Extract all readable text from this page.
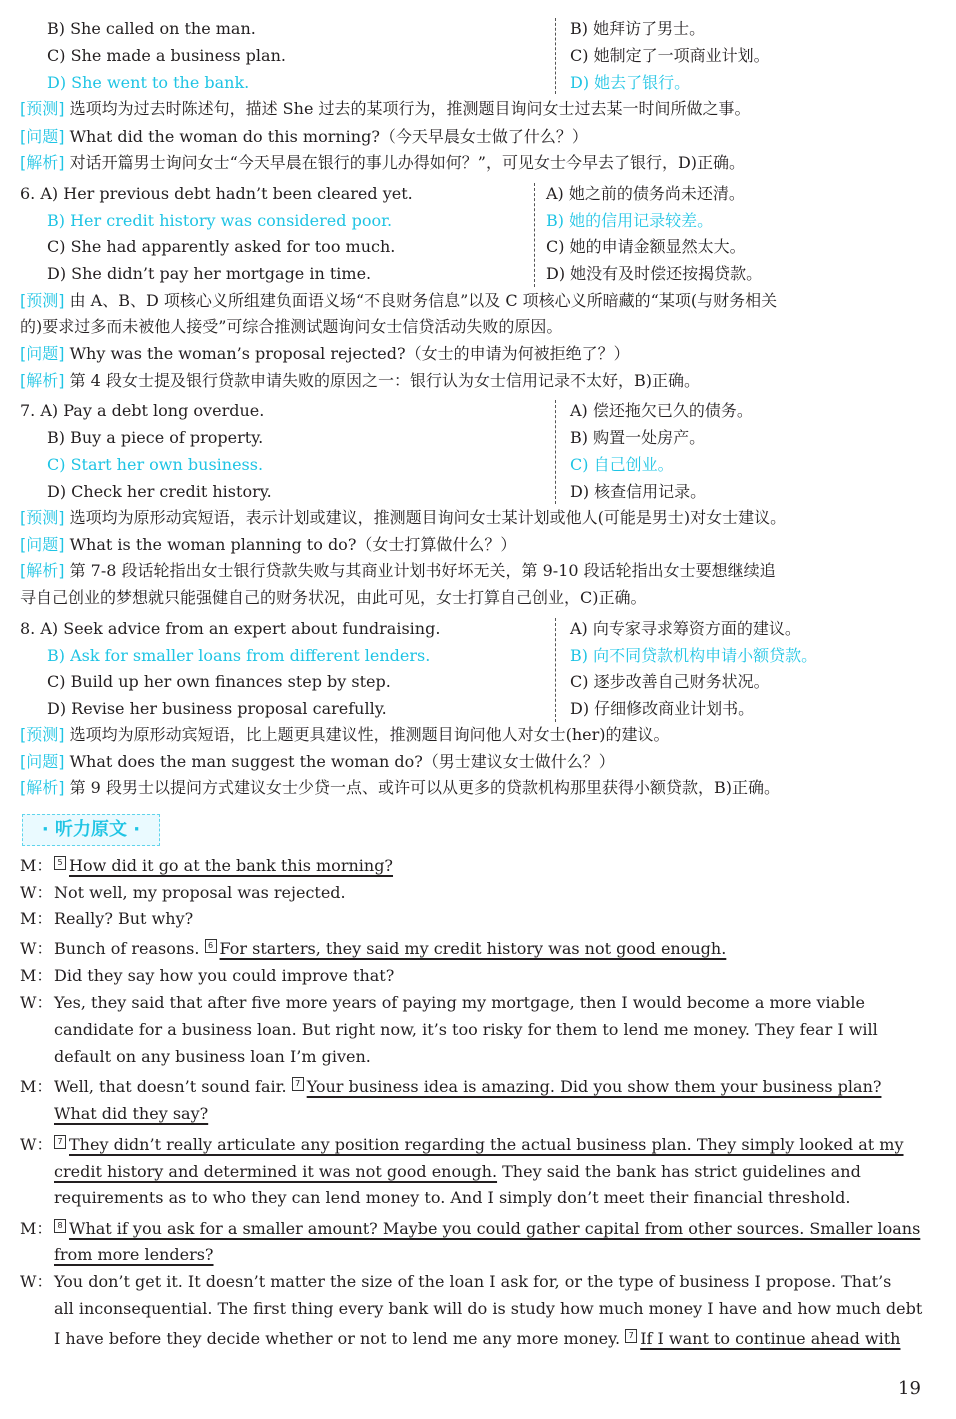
B) She called on the man.
C) She made a business plan.
D) She went to the bank.
B) 她拜访了男士。
C) 她制定了一项商业计划。
D) 她去了银行。
[预测] 选项均为过去时陈述句，描述 She 过去的某项行为，推测题目询问女士过去某一时间所做之事。
[问题] What did the woman do this morning?（今天早晨女士做了什么？）
[解析] 对话开篇男士询问女士“今天早晨在银行的事儿办得如何？”，可见女士今早去了银行，D)正确。
6. A) Her previous debt hadn’t been cleared yet.
B) Her credit history was considered poor.
C) She had apparently asked for too much.
D) She didn’t pay her mortgage in time.
A) 她之前的债务尚未还清。
B) 她的信用记录较差。
C) 她的申请金额显然太大。
D) 她没有及时偿还按揭贷款。
[预测] 由 A、B、D 项核心义所组建负面语义场“不良财务信息”以及 C 项核心义所暗藏的“某项(与财务相关
的)要求过多而未被他人接受”可综合推测试题询问女士信贷活动失败的原因。
[问题] Why was the woman’s proposal rejected?（女士的申请为何被拒绝了？）
[解析] 第 4 段女士提及银行贷款申请失败的原因之一：银行认为女士信用记录不太好，B)正确。
7. A) Pay a debt long overdue.
B) Buy a piece of property.
C) Start her own business.
D) Check her credit history.
A) 偿还拖欠已久的债务。
B) 购置一处房产。
C) 自己创业。
D) 核查信用记录。
[预测] 选项均为原形动宾短语，表示计划或建议，推测题目询问女士某计划或他人(可能是男士)对女士建议。
[问题] What is the woman planning to do?（女士打算做什么？）
[解析] 第 7-8 段话轮指出女士银行贷款失败与其商业计划书好坏无关，第 9-10 段话轮指出女士要想继续追
寻自己创业的梦想就只能强健自己的财务状况，由此可见，女士打算自己创业，C)正确。
8. A) Seek advice from an expert about fundraising.
B) Ask for smaller loans from different lenders.
C) Build up her own finances step by step.
D) Revise her business proposal carefully.
A) 向专家寻求筹资方面的建议。
B) 向不同贷款机构申请小额贷款。
C) 逐步改善自己财务状况。
D) 仔细修改商业计划书。
[预测] 选项均为原形动宾短语，比上题更具建议性，推测题目询问他人对女士(her)的建议。
[问题] What does the man suggest the woman do?（男士建议女士做什么？）
[解析] 第 9 段男士以提问方式建议女士少贷一点、或许可以从更多的贷款机构那里获得小额贷款，B)正确。
· 听力原文 ·
M： 5 How did it go at the bank this morning?
W：Not well, my proposal was rejected.
M： Really? But why?
W：Bunch of reasons. 6 For starters, they said my credit history was not good enough.
M： Did they say how you could improve that?
W：Yes, they said that after five more years of paying my mortgage, then I would become a more viable
candidate for a business loan. But right now, it’s too risky for them to lend me money. They fear I will
default on any business loan I’m given.
M： Well, that doesn’t sound fair. 7 Your business idea is amazing. Did you show them your business plan?
What did they say?
W： 7 They didn’t really articulate any position regarding the actual business plan. They simply looked at my
credit history and determined it was not good enough. They said the bank has strict guidelines and
requirements as to who they can lend money to. And I simply don’t meet their financial threshold.
M： 8 What if you ask for a smaller amount? Maybe you could gather capital from other sources. Smaller loans
from more lenders?
W：You don’t get it. It doesn’t matter the size of the loan I ask for, or the type of business I propose. That’s
all inconsequential. The first thing every bank will do is study how much money I have and how much debt
I have before they decide whether or not to lend me any more money. 7 If I want to continue ahead with
19
